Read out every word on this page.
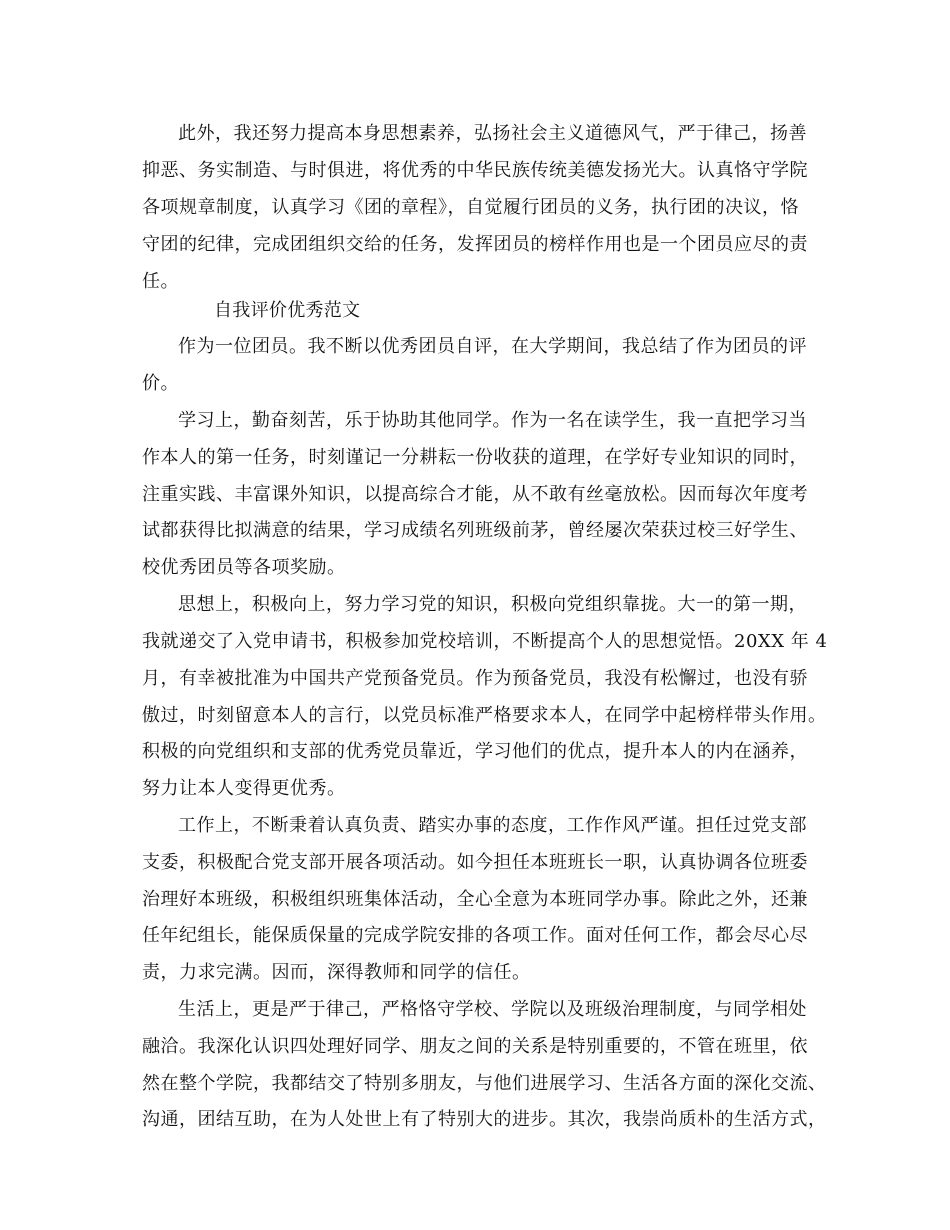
此外，我还努力提高本身思想素养，弘扬社会主义道德风气，严于律己，扬善

抑恶、务实制造、与时俱进，将优秀的中华民族传统美德发扬光大。认真恪守学院

各项规章制度，认真学习《团的章程》，自觉履行团员的义务，执行团的决议，恪

守团的纪律，完成团组织交给的任务，发挥团员的榜样作用也是一个团员应尽的责

任。

自我评价优秀范文

作为一位团员。我不断以优秀团员自评，在大学期间，我总结了作为团员的评

价。

学习上，勤奋刻苦，乐于协助其他同学。作为一名在读学生，我一直把学习当

作本人的第一任务，时刻谨记一分耕耘一份收获的道理，在学好专业知识的同时，

注重实践、丰富课外知识，以提高综合才能，从不敢有丝毫放松。因而每次年度考

试都获得比拟满意的结果，学习成绩名列班级前茅，曾经屡次荣获过校三好学生、

校优秀团员等各项奖励。

思想上，积极向上，努力学习党的知识，积极向党组织靠拢。大一的第一期，

我就递交了入党申请书，积极参加党校培训，不断提高个人的思想觉悟。20XX 年 4

月，有幸被批准为中国共产党预备党员。作为预备党员，我没有松懈过，也没有骄

傲过，时刻留意本人的言行，以党员标准严格要求本人，在同学中起榜样带头作用。

积极的向党组织和支部的优秀党员靠近，学习他们的优点，提升本人的内在涵养，

努力让本人变得更优秀。

工作上，不断秉着认真负责、踏实办事的态度，工作作风严谨。担任过党支部

支委，积极配合党支部开展各项活动。如今担任本班班长一职，认真协调各位班委

治理好本班级，积极组织班集体活动，全心全意为本班同学办事。除此之外，还兼

任年纪组长，能保质保量的完成学院安排的各项工作。面对任何工作，都会尽心尽

责，力求完满。因而，深得教师和同学的信任。

生活上，更是严于律己，严格恪守学校、学院以及班级治理制度，与同学相处

融洽。我深化认识四处理好同学、朋友之间的关系是特别重要的，不管在班里，依

然在整个学院，我都结交了特别多朋友，与他们进展学习、生活各方面的深化交流、

沟通，团结互助，在为人处世上有了特别大的进步。其次，我崇尚质朴的生活方式，
